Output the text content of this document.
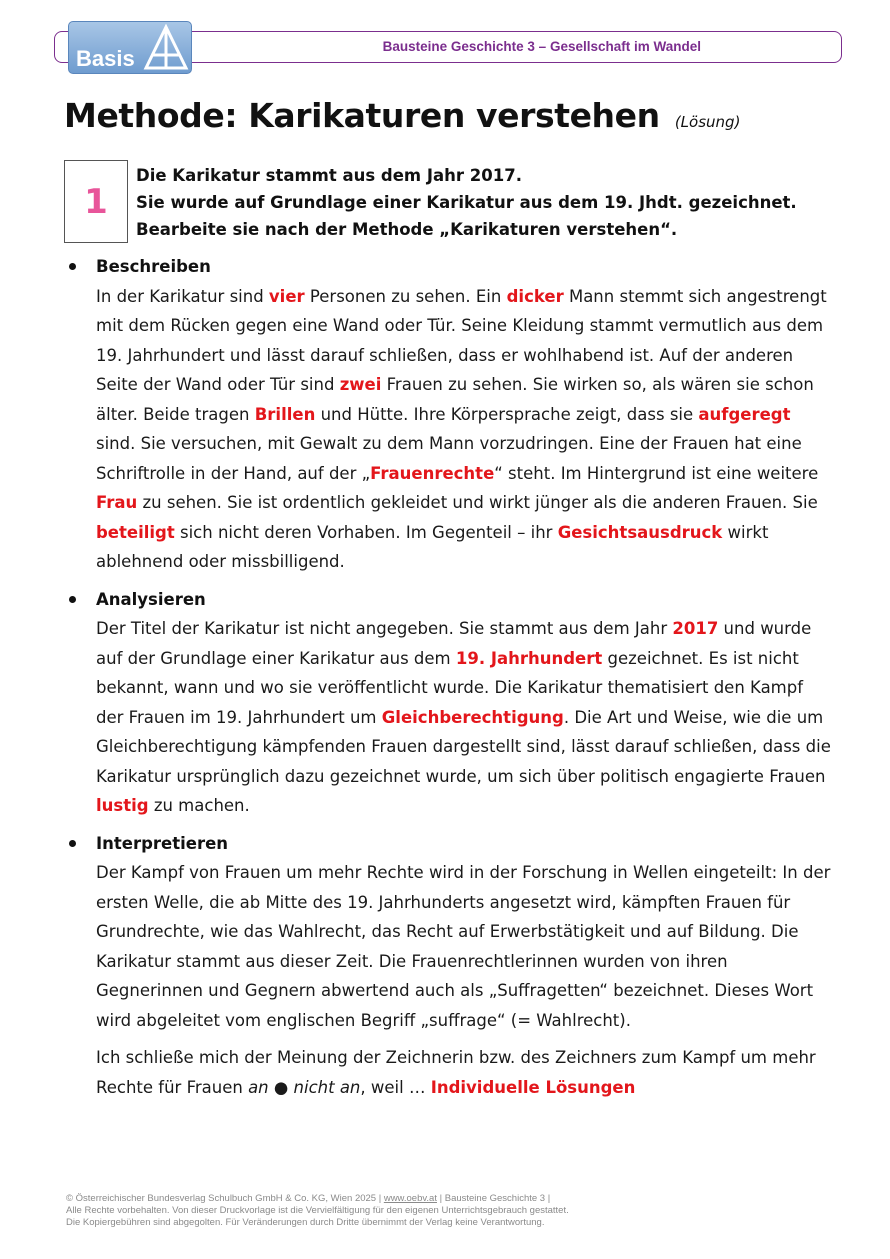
Bausteine Geschichte 3 – Gesellschaft im Wandel
Basis
Methode: Karikaturen verstehen (Lösung)
1
Die Karikatur stammt aus dem Jahr 2017.
Sie wurde auf Grundlage einer Karikatur aus dem 19. Jhdt. gezeichnet.
Bearbeite sie nach der Methode „Karikaturen verstehen“.
Beschreiben
In der Karikatur sind vier Personen zu sehen. Ein dicker Mann stemmt sich angestrengt mit dem Rücken gegen eine Wand oder Tür. Seine Kleidung stammt vermutlich aus dem 19. Jahrhundert und lässt darauf schließen, dass er wohlhabend ist. Auf der anderen Seite der Wand oder Tür sind zwei Frauen zu sehen. Sie wirken so, als wären sie schon älter. Beide tragen Brillen und Hütte. Ihre Körpersprache zeigt, dass sie aufgeregt sind. Sie versuchen, mit Gewalt zu dem Mann vorzudringen. Eine der Frauen hat eine Schriftrolle in der Hand, auf der „Frauenrechte“ steht. Im Hintergrund ist eine weitere Frau zu sehen. Sie ist ordentlich gekleidet und wirkt jünger als die anderen Frauen. Sie beteiligt sich nicht deren Vorhaben. Im Gegenteil – ihr Gesichtsausdruck wirkt ablehnend oder missbilligend.
Analysieren
Der Titel der Karikatur ist nicht angegeben. Sie stammt aus dem Jahr 2017 und wurde auf der Grundlage einer Karikatur aus dem 19. Jahrhundert gezeichnet. Es ist nicht bekannt, wann und wo sie veröffentlicht wurde. Die Karikatur thematisiert den Kampf der Frauen im 19. Jahrhundert um Gleichberechtigung. Die Art und Weise, wie die um Gleichberechtigung kämpfenden Frauen dargestellt sind, lässt darauf schließen, dass die Karikatur ursprünglich dazu gezeichnet wurde, um sich über politisch engagierte Frauen lustig zu machen.
Interpretieren
Der Kampf von Frauen um mehr Rechte wird in der Forschung in Wellen eingeteilt: In der ersten Welle, die ab Mitte des 19. Jahrhunderts angesetzt wird, kämpften Frauen für Grundrechte, wie das Wahlrecht, das Recht auf Erwerbstätigkeit und auf Bildung. Die Karikatur stammt aus dieser Zeit. Die Frauenrechtlerinnen wurden von ihren Gegnerinnen und Gegnern abwertend auch als „Suffragetten“ bezeichnet. Dieses Wort wird abgeleitet vom englischen Begriff „suffrage“ (= Wahlrecht).
Ich schließe mich der Meinung der Zeichnerin bzw. des Zeichners zum Kampf um mehr Rechte für Frauen an ● nicht an, weil … Individuelle Lösungen
© Österreichischer Bundesverlag Schulbuch GmbH & Co. KG, Wien 2025 | www.oebv.at | Bausteine Geschichte 3 |
Alle Rechte vorbehalten. Von dieser Druckvorlage ist die Vervielfältigung für den eigenen Unterrichtsgebrauch gestattet.
Die Kopiergebühren sind abgegolten. Für Veränderungen durch Dritte übernimmt der Verlag keine Verantwortung.
